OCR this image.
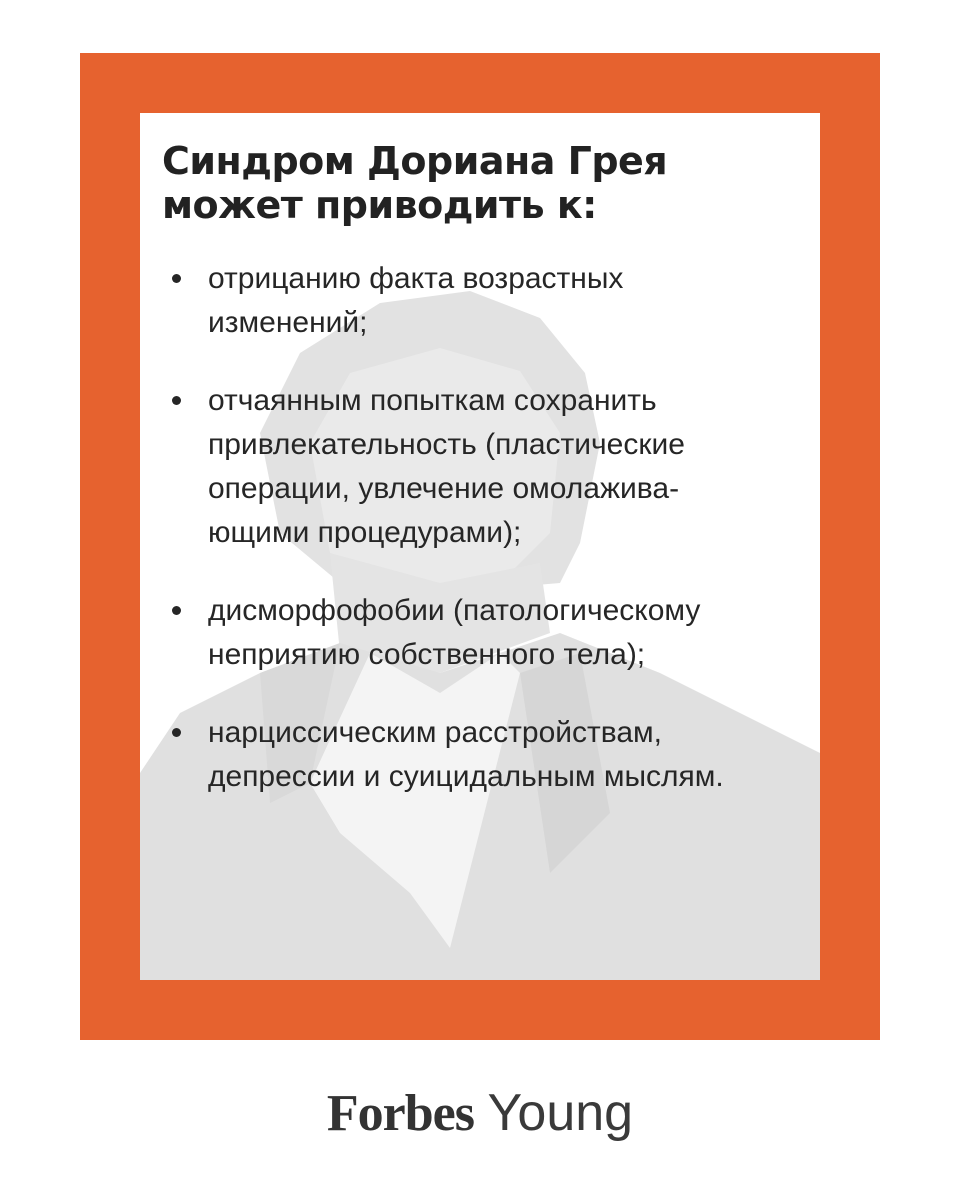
Синдром Дориана Грея
может приводить к:
отрицанию факта возрастных
изменений;
отчаянным попыткам сохранить
привлекательность (пластические
операции, увлечение омолажива-
ющими процедурами);
дисморфофобии (патологическому
неприятию собственного тела);
нарциссическим расстройствам,
депрессии и суицидальным мыслям.
Forbes Young
